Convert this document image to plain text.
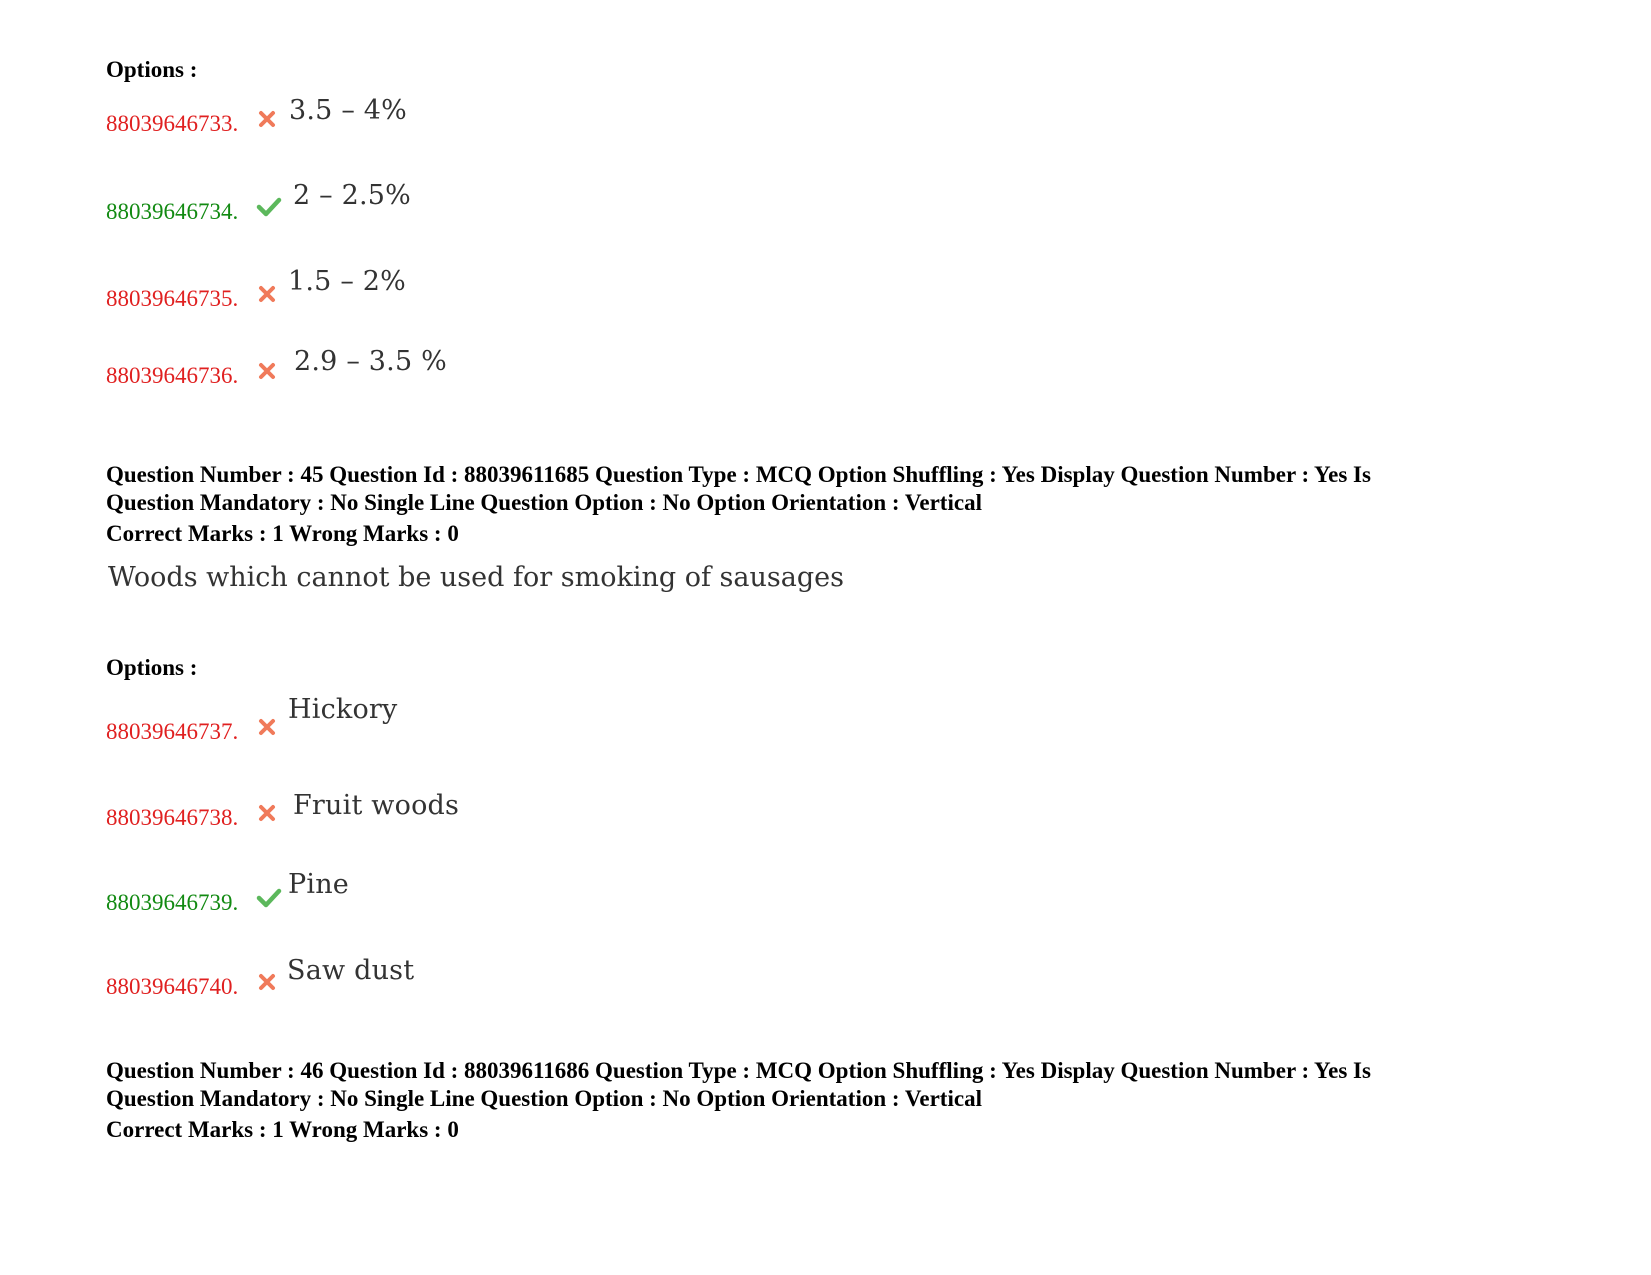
Options :
88039646733. 3.5 – 4%
88039646734.
2 – 2.5%
88039646735.
1.5 – 2%
88039646736. 2.9 – 3.5 %
Question Number : 45 Question Id : 88039611685 Question Type : MCQ Option Shuffling : Yes Display Question Number : Yes Is
Question Mandatory : No Single Line Question Option : No Option Orientation : Vertical
Correct Marks : 1 Wrong Marks : 0
Woods which cannot be used for smoking of sausages
Options :
88039646737.
Hickory
88039646738. Fruit woods
88039646739.
Pine
88039646740.
Saw dust
Question Number : 46 Question Id : 88039611686 Question Type : MCQ Option Shuffling : Yes Display Question Number : Yes Is
Question Mandatory : No Single Line Question Option : No Option Orientation : Vertical
Correct Marks : 1 Wrong Marks : 0
